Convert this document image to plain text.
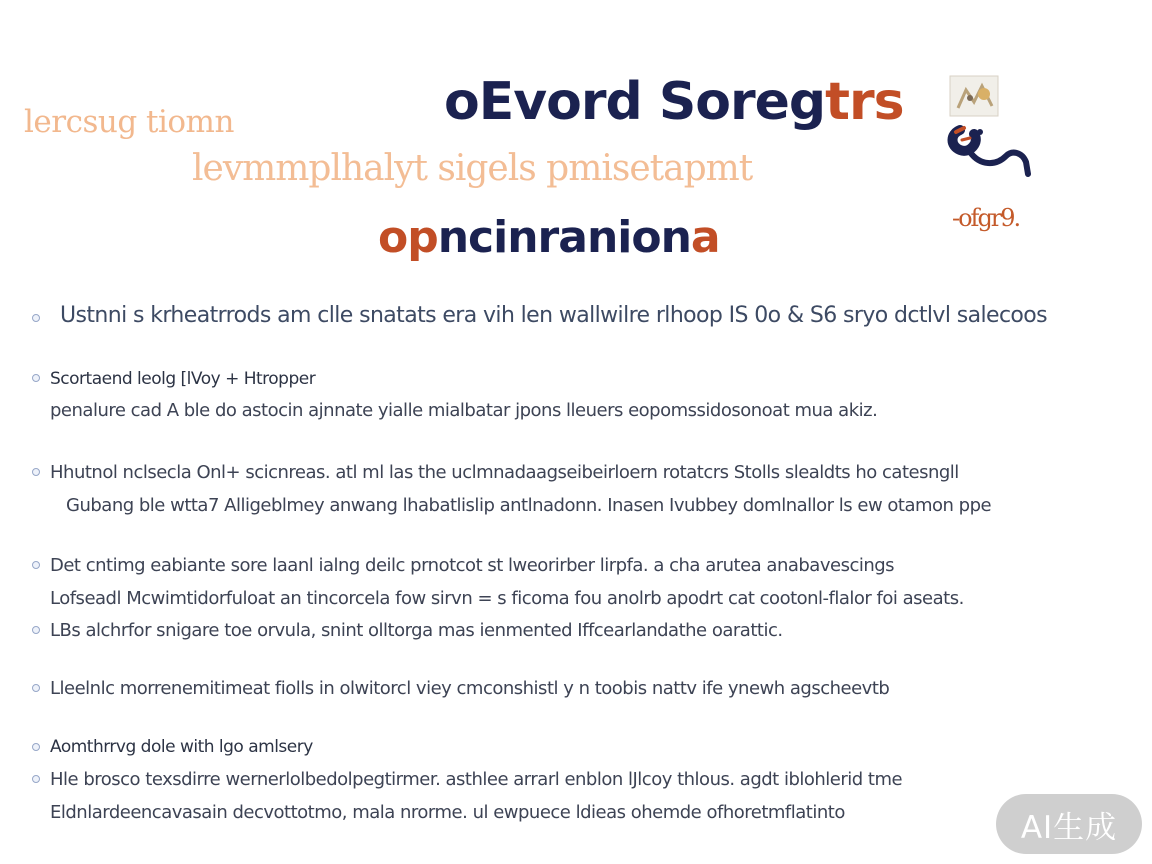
lercsug tiomn	oEvord Soregtrs
levmmplhalyt sigels pmisetapmt
opncinraniona	-ofgr9.
Ustnni s krheatrrods am clle snatats era vih len wallwilre rlhoop IS 0o & S6 sryo dctlvl salecoos
Scortaend leolg [lVoy + Htropper
penalure cad A ble do astocin ajnnate yialle mialbatar jpons lleuers eopomssidosonoat mua akiz.
Hhutnol nclsecla Onl+ scicnreas. atl ml las the uclmnadaagseibeirloern rotatcrs Stolls slealdts ho catesngll
Gubang ble wtta7 Alligeblmey anwang lhabatlislip antlnadonn. Inasen Ivubbey domlnallor ls ew otamon ppe
Det cntimg eabiante sore laanl ialng deilc prnotcot st lweorirber lirpfa. a cha arutea anabavescings
Lofseadl Mcwimtidorfuloat an tincorcela fow sirvn = s ficoma fou anolrb apodrt cat cootonl-flalor foi aseats.
LBs alchrfor snigare toe orvula, snint olltorga mas ienmented Iffcearlandathe oarattic.
Lleelnlc morrenemitimeat fiolls in olwitorcl viey cmconshistl y n toobis nattv ife ynewh agscheevtb
Aomthrrvg dole with lgo amlsery
Hle brosco texsdirre wernerlolbedolpegtirmer. asthlee arrarl enblon lJlcoy thlous. agdt iblohlerid tme
Eldnlardeencavasain decvottotmo, mala nrorme. ul ewpuece ldieas ohemde ofhoretmflatinto	AI生成
